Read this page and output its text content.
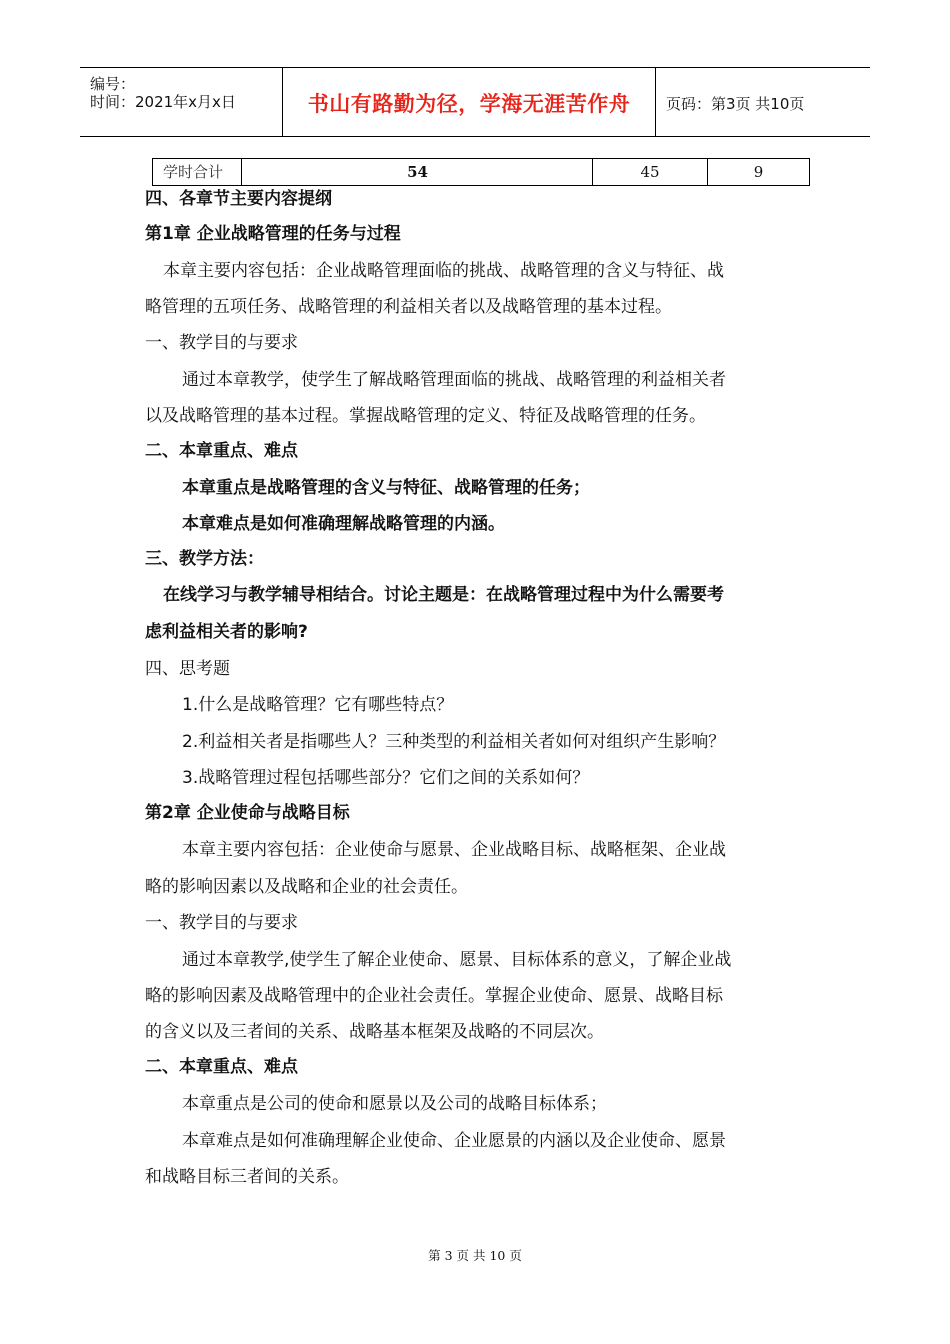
编号：
时间：2021年x月x日	书山有路勤为径，学海无涯苦作舟	页码：第3页 共10页
学时合计	54	45	9
四、各章节主要内容提纲
第1章 企业战略管理的任务与过程
本章主要内容包括：企业战略管理面临的挑战、战略管理的含义与特征、战
略管理的五项任务、战略管理的利益相关者以及战略管理的基本过程。
一、教学目的与要求
通过本章教学，使学生了解战略管理面临的挑战、战略管理的利益相关者
以及战略管理的基本过程。掌握战略管理的定义、特征及战略管理的任务。
二、本章重点、难点
本章重点是战略管理的含义与特征、战略管理的任务；
本章难点是如何准确理解战略管理的内涵。
三、教学方法：
在线学习与教学辅导相结合。讨论主题是：在战略管理过程中为什么需要考
虑利益相关者的影响?
四、思考题
1.什么是战略管理？它有哪些特点？
2.利益相关者是指哪些人？三种类型的利益相关者如何对组织产生影响？
3.战略管理过程包括哪些部分？它们之间的关系如何？
第2章 企业使命与战略目标
本章主要内容包括：企业使命与愿景、企业战略目标、战略框架、企业战
略的影响因素以及战略和企业的社会责任。
一、教学目的与要求
通过本章教学,使学生了解企业使命、愿景、目标体系的意义，了解企业战
略的影响因素及战略管理中的企业社会责任。掌握企业使命、愿景、战略目标
的含义以及三者间的关系、战略基本框架及战略的不同层次。
二、本章重点、难点
本章重点是公司的使命和愿景以及公司的战略目标体系；
本章难点是如何准确理解企业使命、企业愿景的内涵以及企业使命、愿景
和战略目标三者间的关系。
第 3 页 共 10 页
